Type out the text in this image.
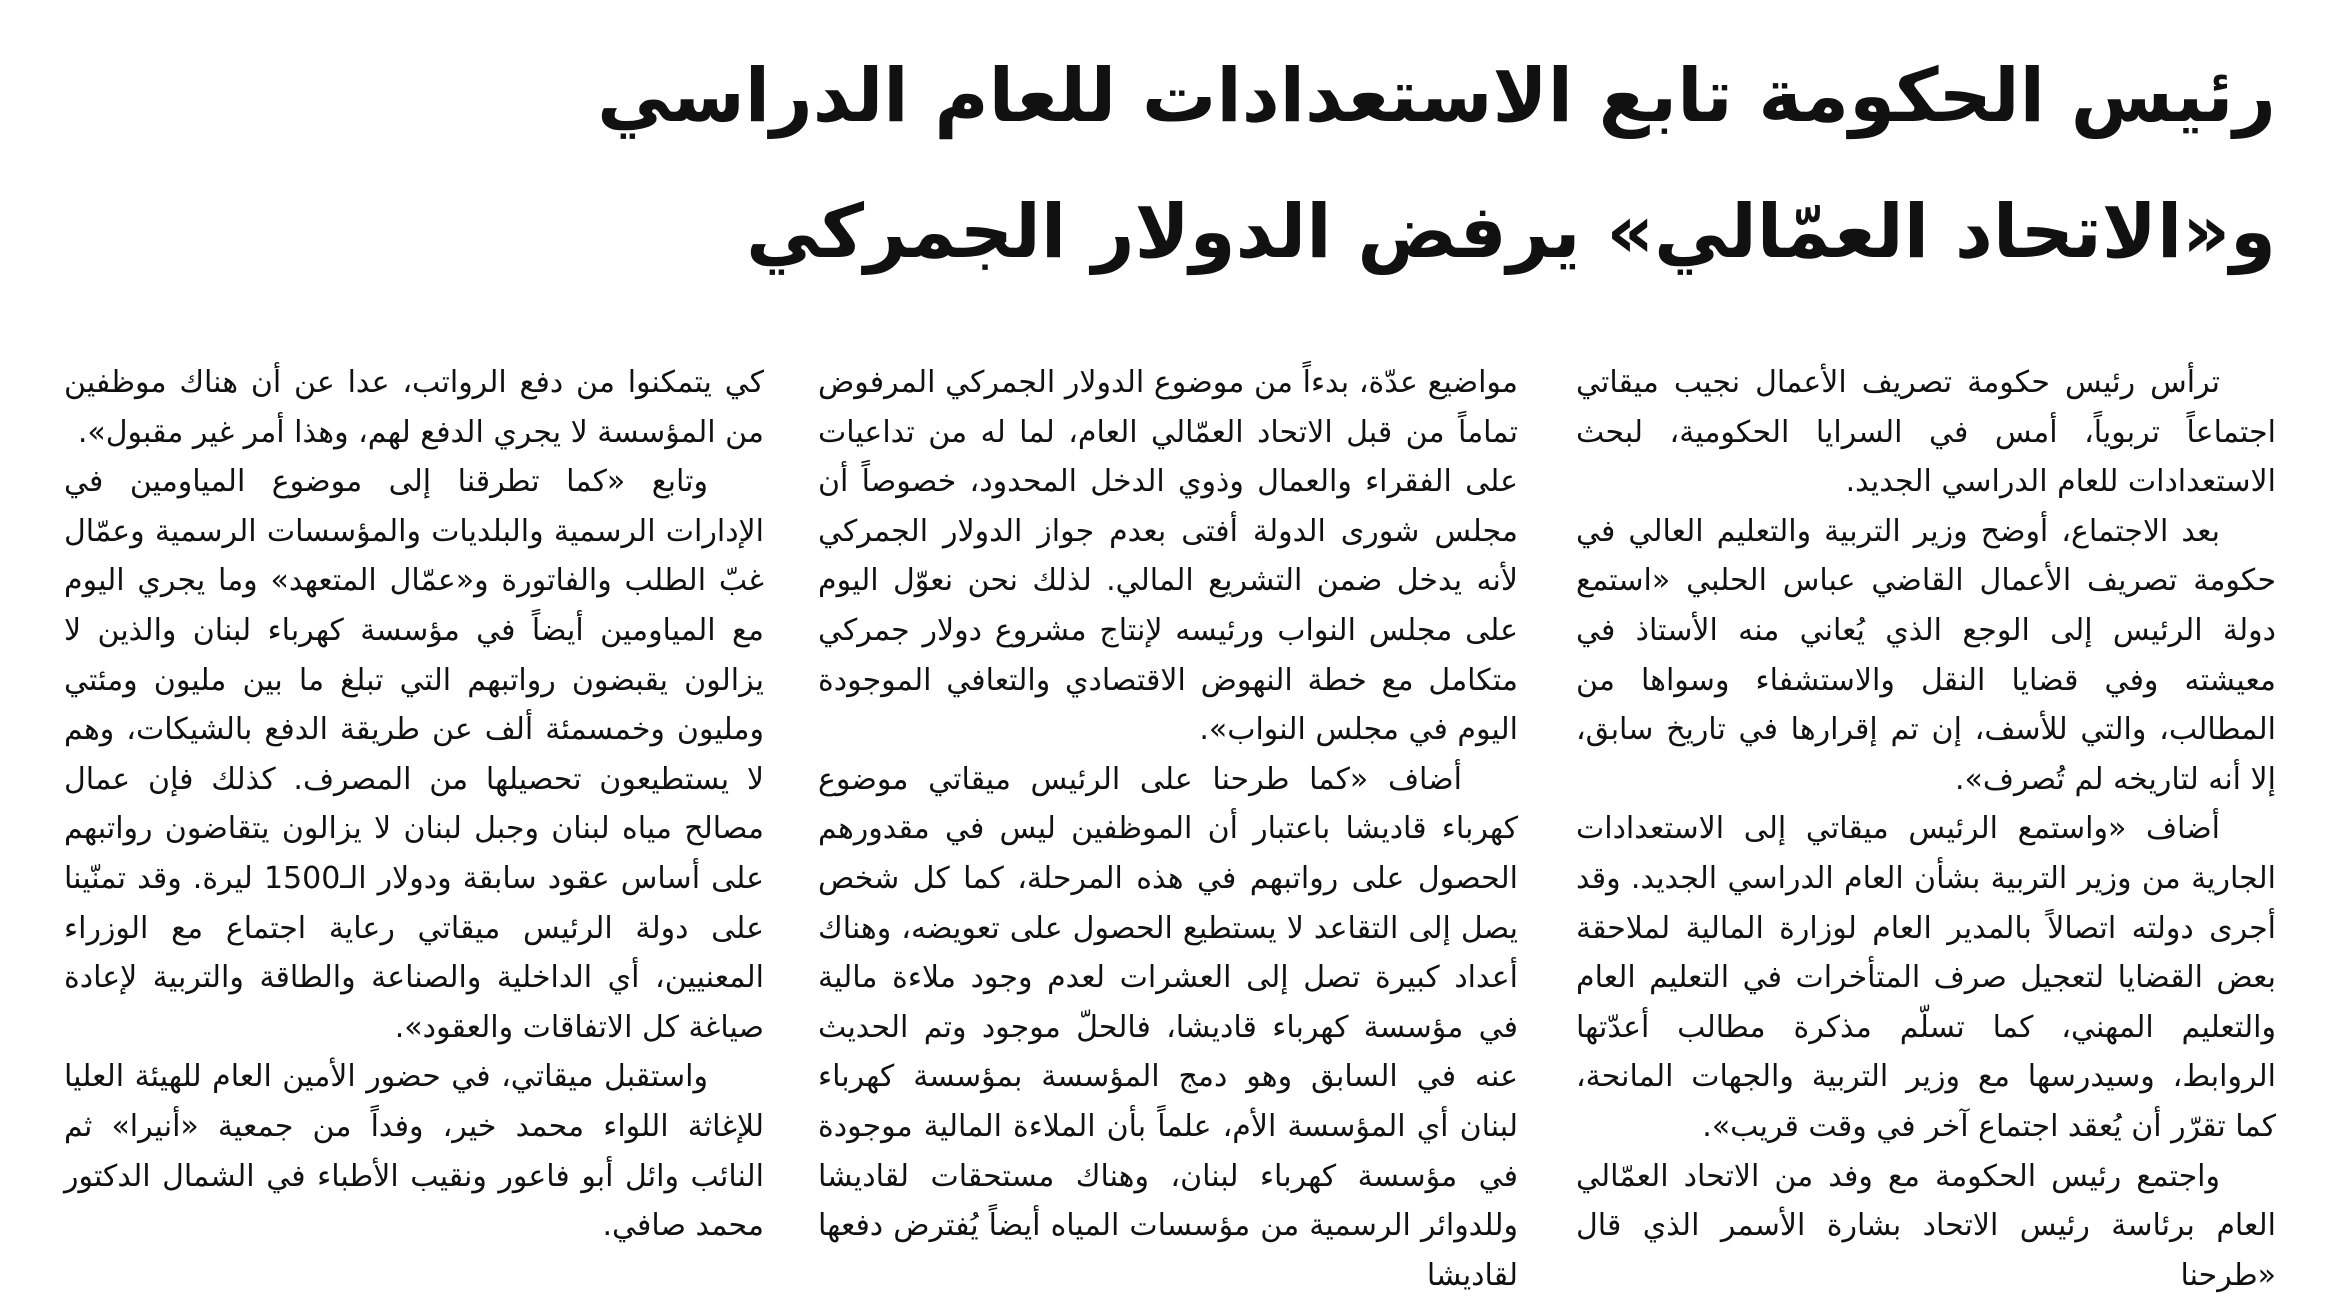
رئيس الحكومة تابع الاستعدادات للعام الدراسي
و«الاتحاد العمّالي» يرفض الدولار الجمركي

ترأس رئيس حكومة تصريف الأعمال نجيب ميقاتي اجتماعاً تربوياً، أمس في السرايا الحكومية، لبحث الاستعدادات للعام الدراسي الجديد.

بعد الاجتماع، أوضح وزير التربية والتعليم العالي في حكومة تصريف الأعمال القاضي عباس الحلبي «استمع دولة الرئيس إلى الوجع الذي يُعاني منه الأستاذ في معيشته وفي قضايا النقل والاستشفاء وسواها من المطالب، والتي للأسف، إن تم إقرارها في تاريخ سابق، إلا أنه لتاريخه لم تُصرف».

أضاف «واستمع الرئيس ميقاتي إلى الاستعدادات الجارية من وزير التربية بشأن العام الدراسي الجديد. وقد أجرى دولته اتصالاً بالمدير العام لوزارة المالية لملاحقة بعض القضايا لتعجيل صرف المتأخرات في التعليم العام والتعليم المهني، كما تسلّم مذكرة مطالب أعدّتها الروابط، وسيدرسها مع وزير التربية والجهات المانحة، كما تقرّر أن يُعقد اجتماع آخر في وقت قريب».

واجتمع رئيس الحكومة مع وفد من الاتحاد العمّالي العام برئاسة رئيس الاتحاد بشارة الأسمر الذي قال «طرحنا

مواضيع عدّة، بدءاً من موضوع الدولار الجمركي المرفوض تماماً من قبل الاتحاد العمّالي العام، لما له من تداعيات على الفقراء والعمال وذوي الدخل المحدود، خصوصاً أن مجلس شورى الدولة أفتى بعدم جواز الدولار الجمركي لأنه يدخل ضمن التشريع المالي. لذلك نحن نعوّل اليوم على مجلس النواب ورئيسه لإنتاج مشروع دولار جمركي متكامل مع خطة النهوض الاقتصادي والتعافي الموجودة اليوم في مجلس النواب».

أضاف «كما طرحنا على الرئيس ميقاتي موضوع كهرباء قاديشا باعتبار أن الموظفين ليس في مقدورهم الحصول على رواتبهم في هذه المرحلة، كما كل شخص يصل إلى التقاعد لا يستطيع الحصول على تعويضه، وهناك أعداد كبيرة تصل إلى العشرات لعدم وجود ملاءة مالية في مؤسسة كهرباء قاديشا، فالحلّ موجود وتم الحديث عنه في السابق وهو دمج المؤسسة بمؤسسة كهرباء لبنان أي المؤسسة الأم، علماً بأن الملاءة المالية موجودة في مؤسسة كهرباء لبنان، وهناك مستحقات لقاديشا وللدوائر الرسمية من مؤسسات المياه أيضاً يُفترض دفعها لقاديشا

كي يتمكنوا من دفع الرواتب، عدا عن أن هناك موظفين من المؤسسة لا يجري الدفع لهم، وهذا أمر غير مقبول».

وتابع «كما تطرقنا إلى موضوع المياومين في الإدارات الرسمية والبلديات والمؤسسات الرسمية وعمّال غبّ الطلب والفاتورة و«عمّال المتعهد» وما يجري اليوم مع المياومين أيضاً في مؤسسة كهرباء لبنان والذين لا يزالون يقبضون رواتبهم التي تبلغ ما بين مليون ومئتي ومليون وخمسمئة ألف عن طريقة الدفع بالشيكات، وهم لا يستطيعون تحصيلها من المصرف. كذلك فإن عمال مصالح مياه لبنان وجبل لبنان لا يزالون يتقاضون رواتبهم على أساس عقود سابقة ودولار الـ1500 ليرة. وقد تمنّينا على دولة الرئيس ميقاتي رعاية اجتماع مع الوزراء المعنيين، أي الداخلية والصناعة والطاقة والتربية لإعادة صياغة كل الاتفاقات والعقود».

واستقبل ميقاتي، في حضور الأمين العام للهيئة العليا للإغاثة اللواء محمد خير، وفداً من جمعية «أنيرا» ثم النائب وائل أبو فاعور ونقيب الأطباء في الشمال الدكتور محمد صافي.
